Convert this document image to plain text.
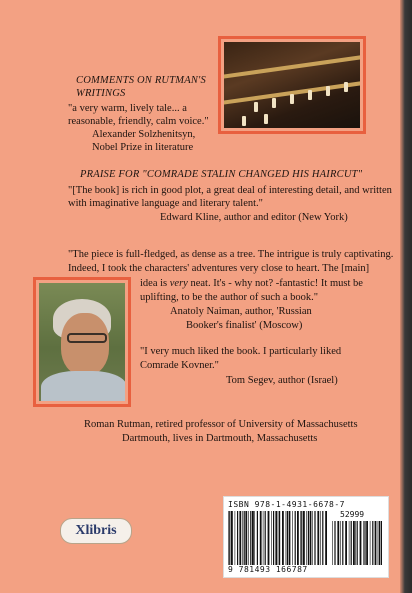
COMMENTS ON RUTMAN'S
WRITINGS
"a very warm, lively tale... a
reasonable, friendly, calm voice."
Alexander Solzhenitsyn,
Nobel Prize in literature
PRAISE FOR "COMRADE STALIN CHANGED HIS HAIRCUT"
"[The book] is rich in good plot, a great deal of interesting detail, and written
with imaginative language and literary talent."
Edward Kline, author and editor (New York)
"The piece is full-fledged, as dense as a tree. The intrigue is truly captivating.
Indeed, I took the characters' adventures very close to heart. The [main]
idea is very neat. It's - why not? -fantastic! It must be
uplifting, to be the author of such a book."
Anatoly Naiman, author, 'Russian
Booker's finalist' (Moscow)
"I very much liked the book. I particularly liked
Comrade Kovner."
Tom Segev, author (Israel)
Roman Rutman, retired professor of University of Massachusetts
Dartmouth, lives in Dartmouth, Massachusetts
Xlibris
ISBN 978-1-4931-6678-7
52999
9 781493 166787
